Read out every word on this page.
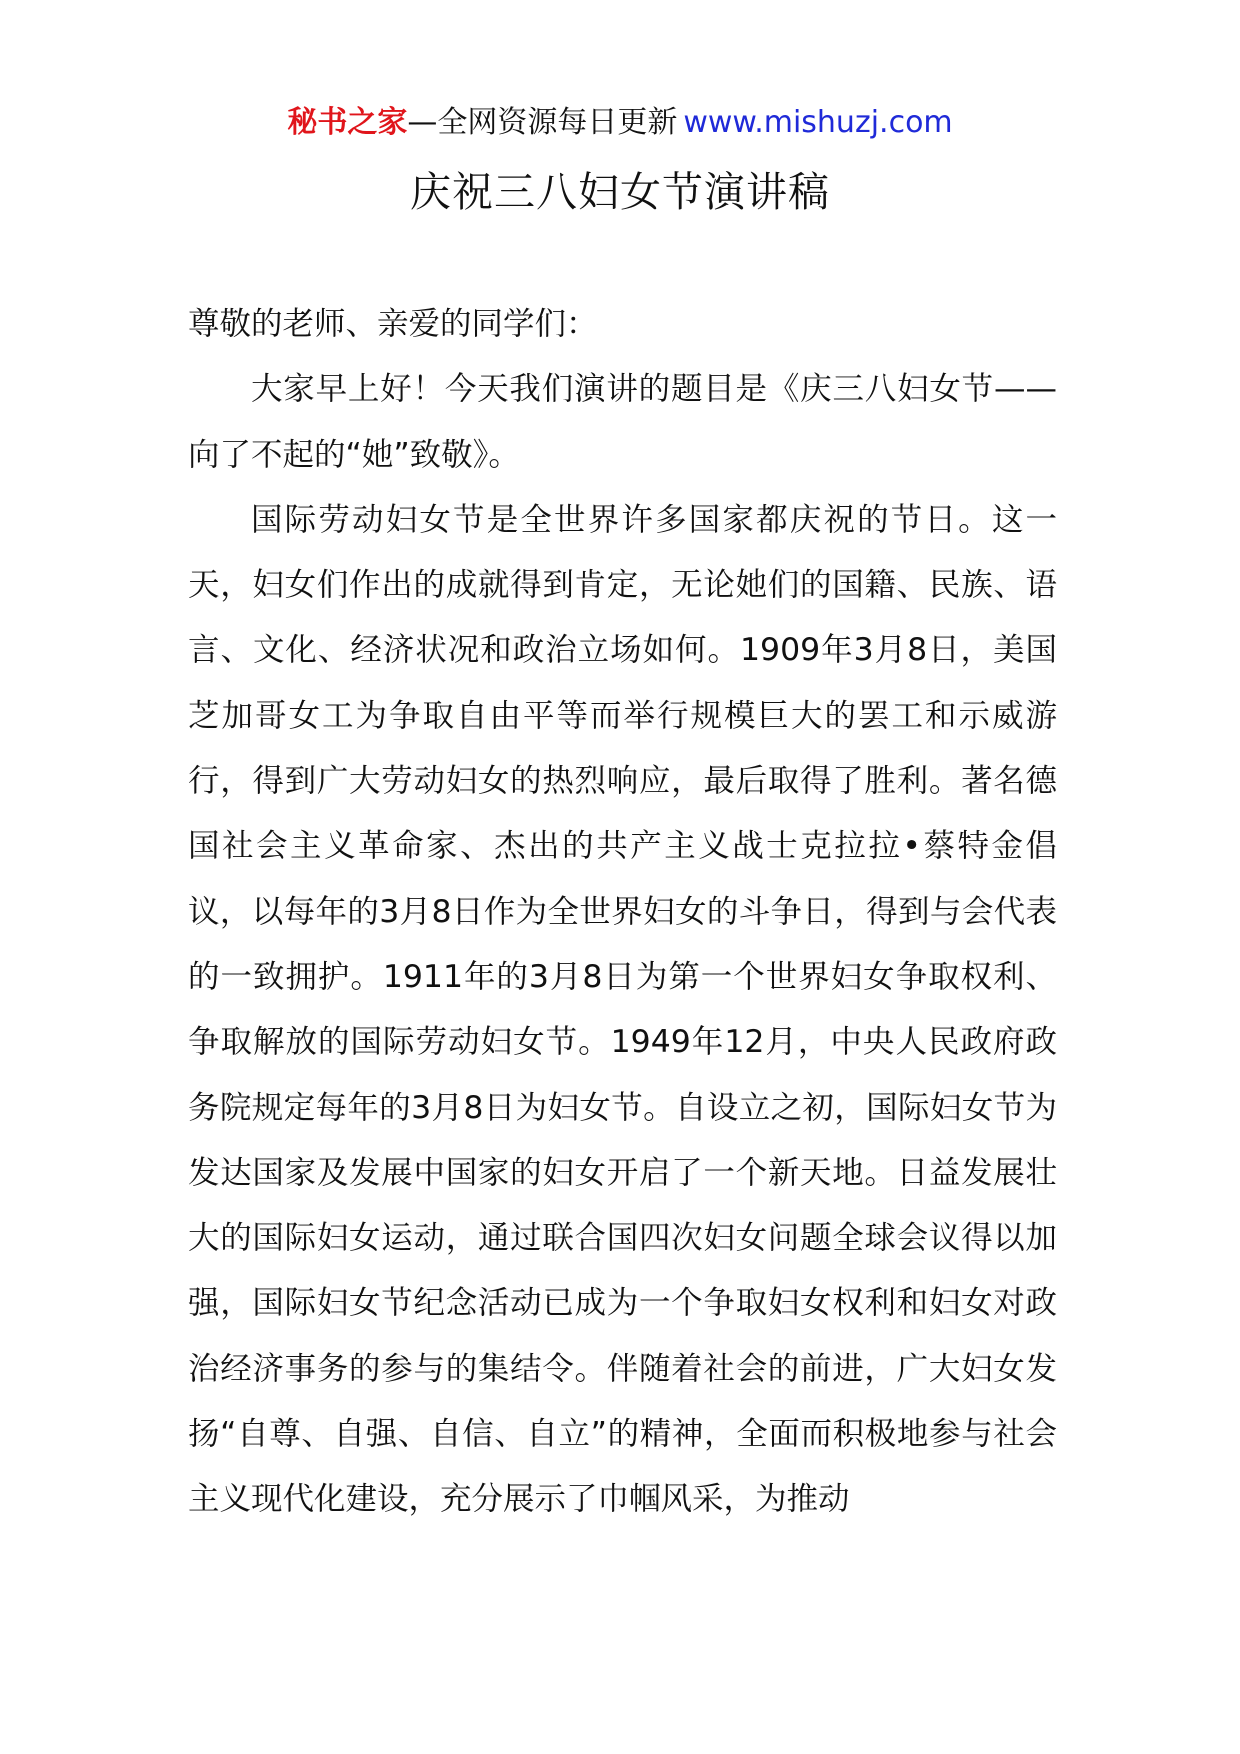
秘书之家—全网资源每日更新 www.mishuzj.com
庆祝三八妇女节演讲稿

尊敬的老师、亲爱的同学们：

大家早上好！今天我们演讲的题目是《庆三八妇女节——向了不起的“她”致敬》。

国际劳动妇女节是全世界许多国家都庆祝的节日。这一天，妇女们作出的成就得到肯定，无论她们的国籍、民族、语言、文化、经济状况和政治立场如何。1909年3月8日，美国芝加哥女工为争取自由平等而举行规模巨大的罢工和示威游行，得到广大劳动妇女的热烈响应，最后取得了胜利。著名德国社会主义革命家、杰出的共产主义战士克拉拉•蔡特金倡议，以每年的3月8日作为全世界妇女的斗争日，得到与会代表的一致拥护。1911年的3月8日为第一个世界妇女争取权利、争取解放的国际劳动妇女节。1949年12月，中央人民政府政务院规定每年的3月8日为妇女节。自设立之初，国际妇女节为发达国家及发展中国家的妇女开启了一个新天地。日益发展壮大的国际妇女运动，通过联合国四次妇女问题全球会议得以加强，国际妇女节纪念活动已成为一个争取妇女权利和妇女对政治经济事务的参与的集结令。伴随着社会的前进，广大妇女发扬“自尊、自强、自信、自立”的精神，全面而积极地参与社会主义现代化建设，充分展示了巾帼风采，为推动
